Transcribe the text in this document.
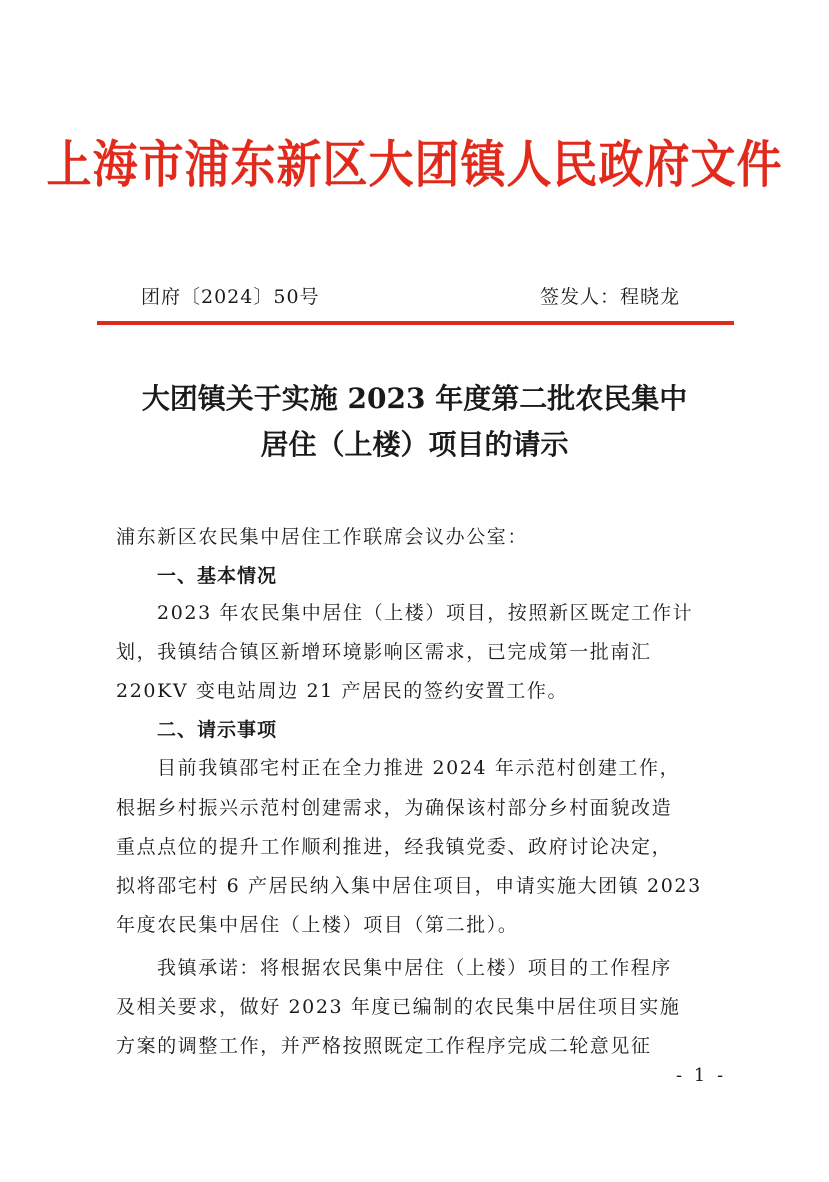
上海市浦东新区大团镇人民政府文件
团府〔2024〕50号	签发人：程晓龙
大团镇关于实施 2023 年度第二批农民集中
居住（上楼）项目的请示
浦东新区农民集中居住工作联席会议办公室：
一、基本情况
2023 年农民集中居住（上楼）项目，按照新区既定工作计
划，我镇结合镇区新增环境影响区需求，已完成第一批南汇
220KV 变电站周边 21 产居民的签约安置工作。
二、请示事项
目前我镇邵宅村正在全力推进 2024 年示范村创建工作，
根据乡村振兴示范村创建需求，为确保该村部分乡村面貌改造
重点点位的提升工作顺利推进，经我镇党委、政府讨论决定，
拟将邵宅村 6 产居民纳入集中居住项目，申请实施大团镇 2023
年度农民集中居住（上楼）项目（第二批）。
我镇承诺：将根据农民集中居住（上楼）项目的工作程序
及相关要求，做好 2023 年度已编制的农民集中居住项目实施
方案的调整工作，并严格按照既定工作程序完成二轮意见征
- 1 -
